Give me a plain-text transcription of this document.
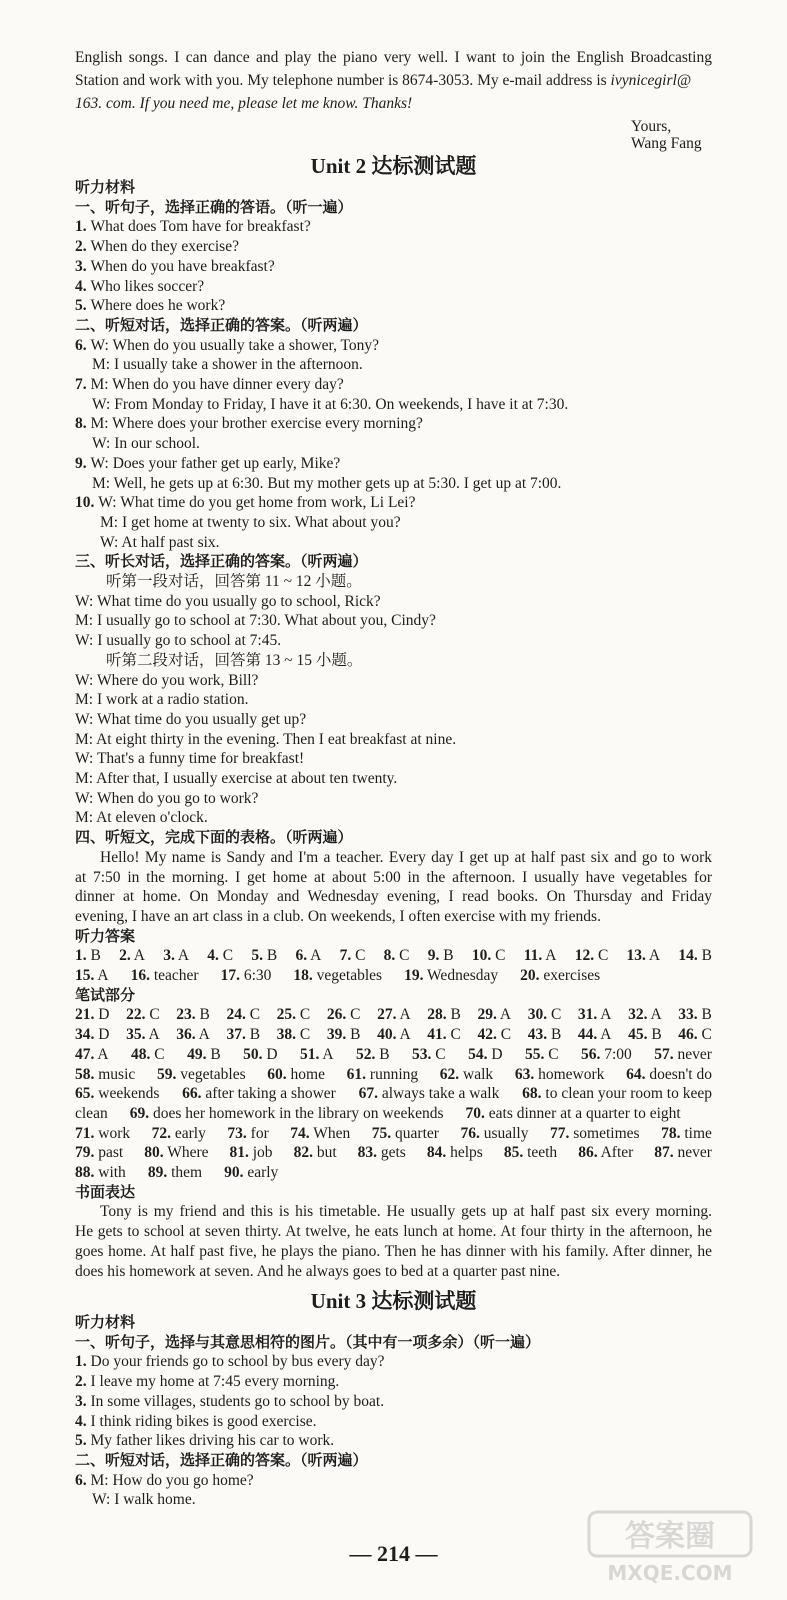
English songs. I can dance and play the piano very well. I want to join the English Broadcasting
Station and work with you. My telephone number is 8674-3053. My e-mail address is ivynicegirl@
163. com. If you need me, please let me know. Thanks!
Yours,
Wang Fang
Unit 2 达标测试题
听力材料
一、听句子，选择正确的答语。（听一遍）
1. What does Tom have for breakfast?
2. When do they exercise?
3. When do you have breakfast?
4. Who likes soccer?
5. Where does he work?
二、听短对话，选择正确的答案。（听两遍）
6. W: When do you usually take a shower, Tony?
M: I usually take a shower in the afternoon.
7. M: When do you have dinner every day?
W: From Monday to Friday, I have it at 6:30. On weekends, I have it at 7:30.
8. M: Where does your brother exercise every morning?
W: In our school.
9. W: Does your father get up early, Mike?
M: Well, he gets up at 6:30. But my mother gets up at 5:30. I get up at 7:00.
10. W: What time do you get home from work, Li Lei?
M: I get home at twenty to six. What about you?
W: At half past six.
三、听长对话，选择正确的答案。（听两遍）
听第一段对话，回答第 11 ~ 12 小题。
W: What time do you usually go to school, Rick?
M: I usually go to school at 7:30. What about you, Cindy?
W: I usually go to school at 7:45.
听第二段对话，回答第 13 ~ 15 小题。
W: Where do you work, Bill?
M: I work at a radio station.
W: What time do you usually get up?
M: At eight thirty in the evening. Then I eat breakfast at nine.
W: That's a funny time for breakfast!
M: After that, I usually exercise at about ten twenty.
W: When do you go to work?
M: At eleven o'clock.
四、听短文，完成下面的表格。（听两遍）
Hello! My name is Sandy and I'm a teacher. Every day I get up at half past six and go to work
at 7:50 in the morning. I get home at about 5:00 in the afternoon. I usually have vegetables for
dinner at home. On Monday and Wednesday evening, I read books. On Thursday and Friday
evening, I have an art class in a club. On weekends, I often exercise with my friends.
听力答案
1. B 2. A 3. A 4. C 5. B 6. A 7. C 8. C 9. B 10. C 11. A 12. C 13. A 14. B
15. A 16. teacher 17. 6:30 18. vegetables 19. Wednesday 20. exercises
笔试部分
21. D 22. C 23. B 24. C 25. C 26. C 27. A 28. B 29. A 30. C 31. A 32. A 33. B
34. D 35. A 36. A 37. B 38. C 39. B 40. A 41. C 42. C 43. B 44. A 45. B 46. C
47. A 48. C 49. B 50. D 51. A 52. B 53. C 54. D 55. C 56. 7:00 57. never
58. music 59. vegetables 60. home 61. running 62. walk 63. homework 64. doesn't do
65. weekends 66. after taking a shower 67. always take a walk 68. to clean your room to keep
clean 69. does her homework in the library on weekends 70. eats dinner at a quarter to eight
71. work 72. early 73. for 74. When 75. quarter 76. usually 77. sometimes 78. time
79. past 80. Where 81. job 82. but 83. gets 84. helps 85. teeth 86. After 87. never
88. with 89. them 90. early
书面表达
Tony is my friend and this is his timetable. He usually gets up at half past six every morning.
He gets to school at seven thirty. At twelve, he eats lunch at home. At four thirty in the afternoon, he
goes home. At half past five, he plays the piano. Then he has dinner with his family. After dinner, he
does his homework at seven. And he always goes to bed at a quarter past nine.
Unit 3 达标测试题
听力材料
一、听句子，选择与其意思相符的图片。（其中有一项多余）（听一遍）
1. Do your friends go to school by bus every day?
2. I leave my home at 7:45 every morning.
3. In some villages, students go to school by boat.
4. I think riding bikes is good exercise.
5. My father likes driving his car to work.
二、听短对话，选择正确的答案。（听两遍）
6. M: How do you go home?
W: I walk home.
— 214 —	答案圈
MXQE.COM
